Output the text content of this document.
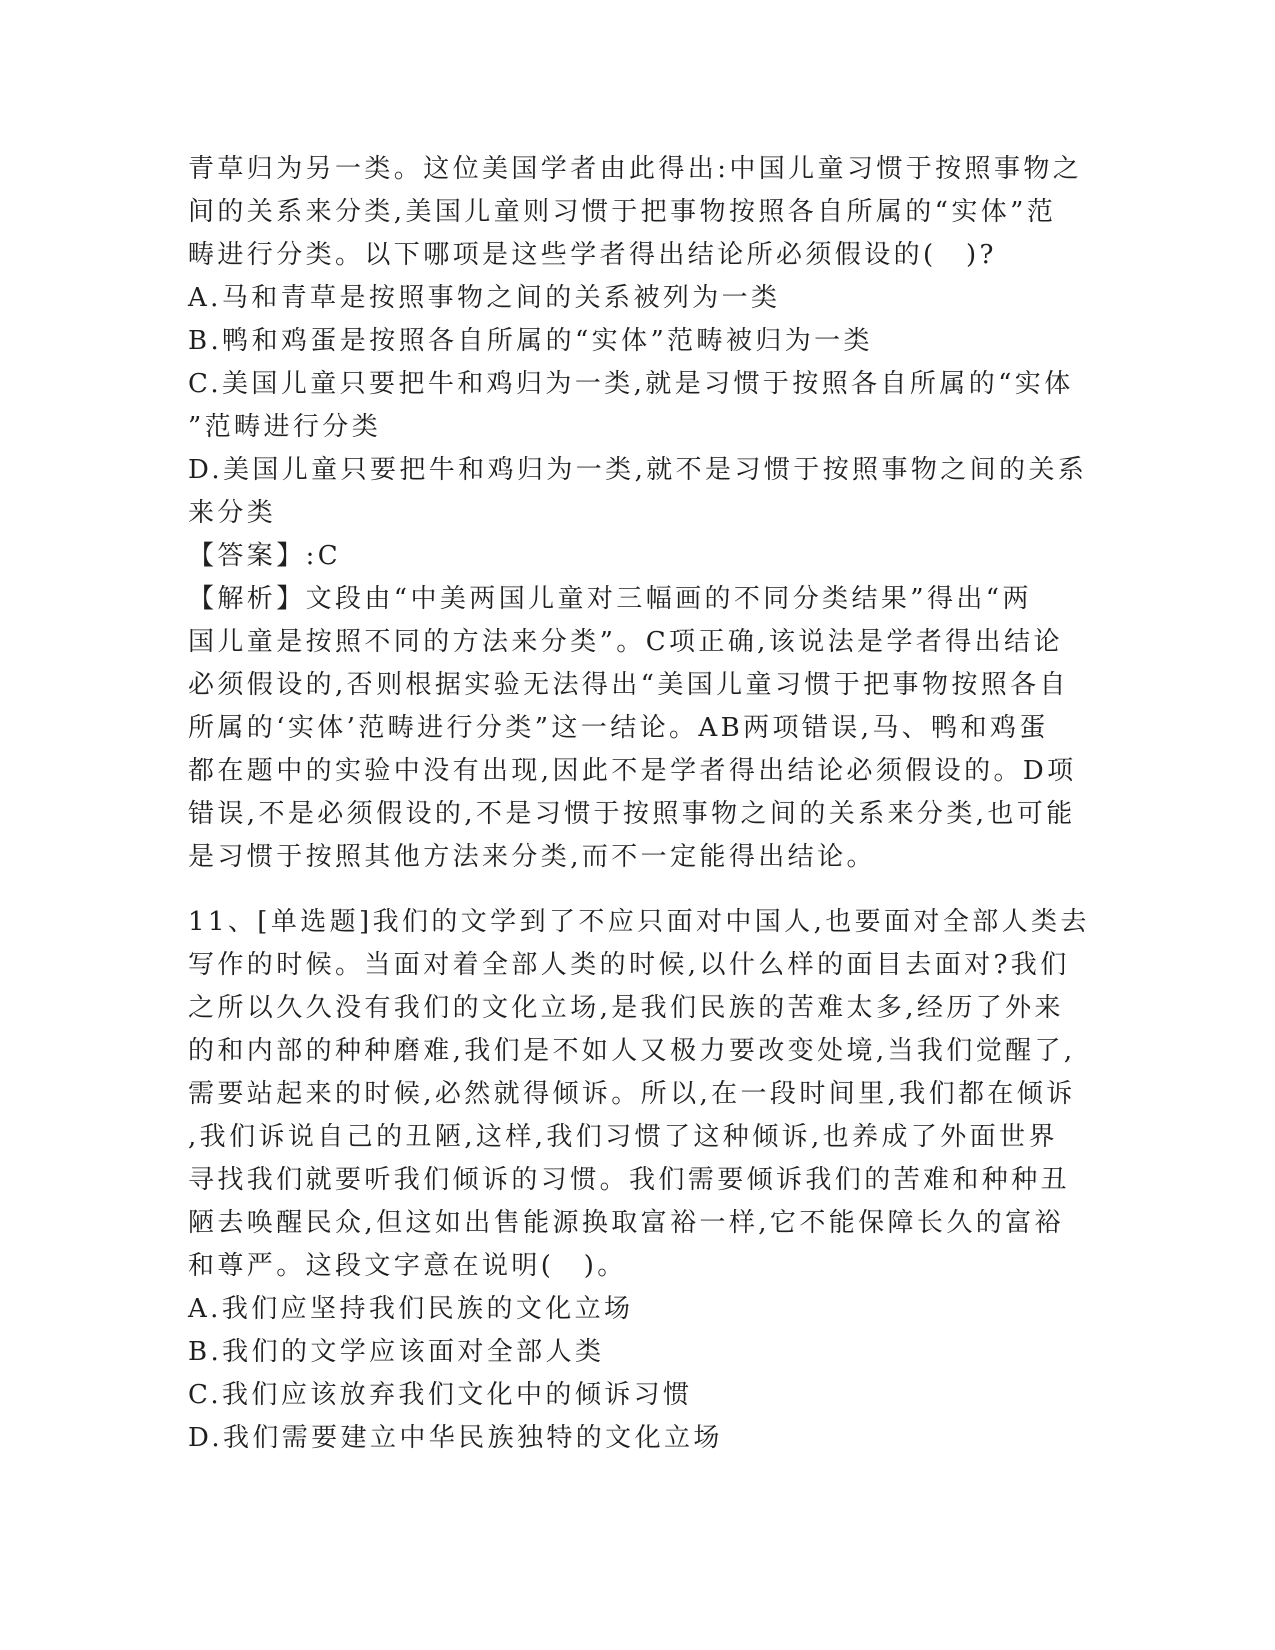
青草归为另一类。这位美国学者由此得出:中国儿童习惯于按照事物之
间的关系来分类,美国儿童则习惯于把事物按照各自所属的“实体”范
畴进行分类。以下哪项是这些学者得出结论所必须假设的(　)?
A.马和青草是按照事物之间的关系被列为一类
B.鸭和鸡蛋是按照各自所属的“实体”范畴被归为一类
C.美国儿童只要把牛和鸡归为一类,就是习惯于按照各自所属的“实体
”范畴进行分类
D.美国儿童只要把牛和鸡归为一类,就不是习惯于按照事物之间的关系
来分类
【答案】:C
【解析】文段由“中美两国儿童对三幅画的不同分类结果”得出“两
国儿童是按照不同的方法来分类”。C项正确,该说法是学者得出结论
必须假设的,否则根据实验无法得出“美国儿童习惯于把事物按照各自
所属的‘实体’范畴进行分类”这一结论。AB两项错误,马、鸭和鸡蛋
都在题中的实验中没有出现,因此不是学者得出结论必须假设的。D项
错误,不是必须假设的,不是习惯于按照事物之间的关系来分类,也可能
是习惯于按照其他方法来分类,而不一定能得出结论。
11、[单选题]我们的文学到了不应只面对中国人,也要面对全部人类去
写作的时候。当面对着全部人类的时候,以什么样的面目去面对?我们
之所以久久没有我们的文化立场,是我们民族的苦难太多,经历了外来
的和内部的种种磨难,我们是不如人又极力要改变处境,当我们觉醒了,
需要站起来的时候,必然就得倾诉。所以,在一段时间里,我们都在倾诉
,我们诉说自己的丑陋,这样,我们习惯了这种倾诉,也养成了外面世界
寻找我们就要听我们倾诉的习惯。我们需要倾诉我们的苦难和种种丑
陋去唤醒民众,但这如出售能源换取富裕一样,它不能保障长久的富裕
和尊严。这段文字意在说明(　)。
A.我们应坚持我们民族的文化立场
B.我们的文学应该面对全部人类
C.我们应该放弃我们文化中的倾诉习惯
D.我们需要建立中华民族独特的文化立场
